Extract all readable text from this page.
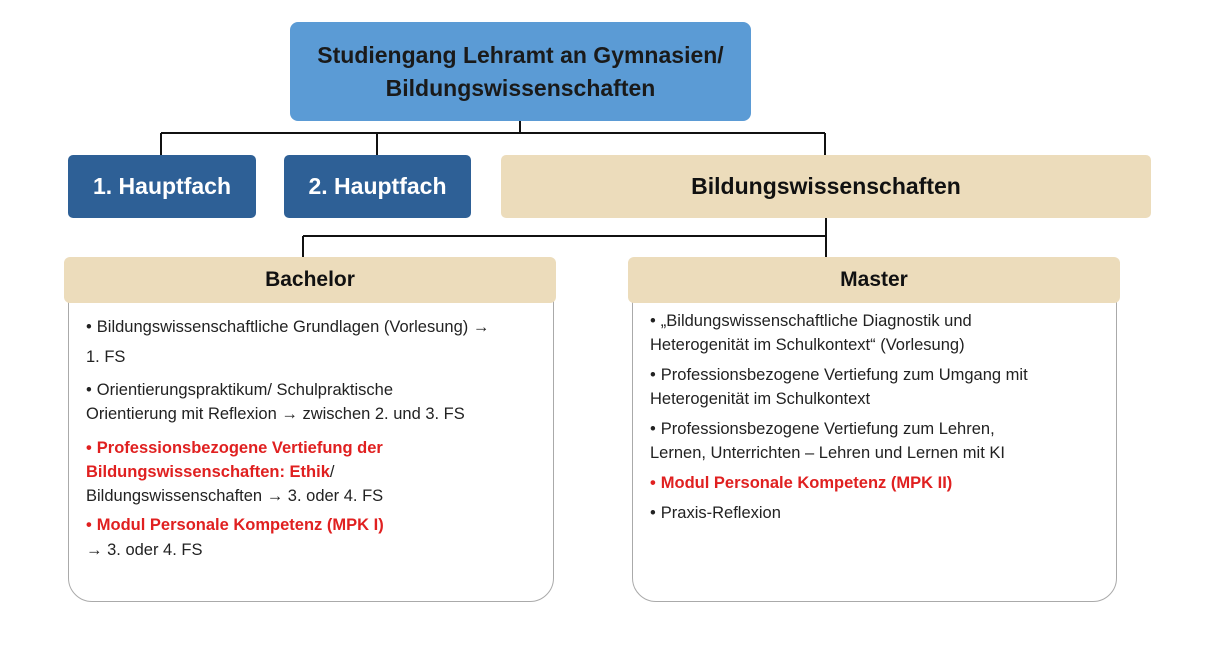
Studiengang Lehramt an Gymnasien/
Bildungswissenschaften
1. Hauptfach	2. Hauptfach	Bildungswissenschaften
Bachelor	Master
• Bildungswissenschaftliche Grundlagen (Vorlesung) →
1. FS
• Orientierungspraktikum/ Schulpraktische
Orientierung mit Reflexion → zwischen 2. und 3. FS
• Professionsbezogene Vertiefung der
Bildungswissenschaften: Ethik/
Bildungswissenschaften → 3. oder 4. FS
• Modul Personale Kompetenz (MPK I)
→ 3. oder 4. FS
• „Bildungswissenschaftliche Diagnostik und
Heterogenität im Schulkontext“ (Vorlesung)
• Professionsbezogene Vertiefung zum Umgang mit
Heterogenität im Schulkontext
• Professionsbezogene Vertiefung zum Lehren,
Lernen, Unterrichten – Lehren und Lernen mit KI
• Modul Personale Kompetenz (MPK II)
• Praxis-Reflexion
